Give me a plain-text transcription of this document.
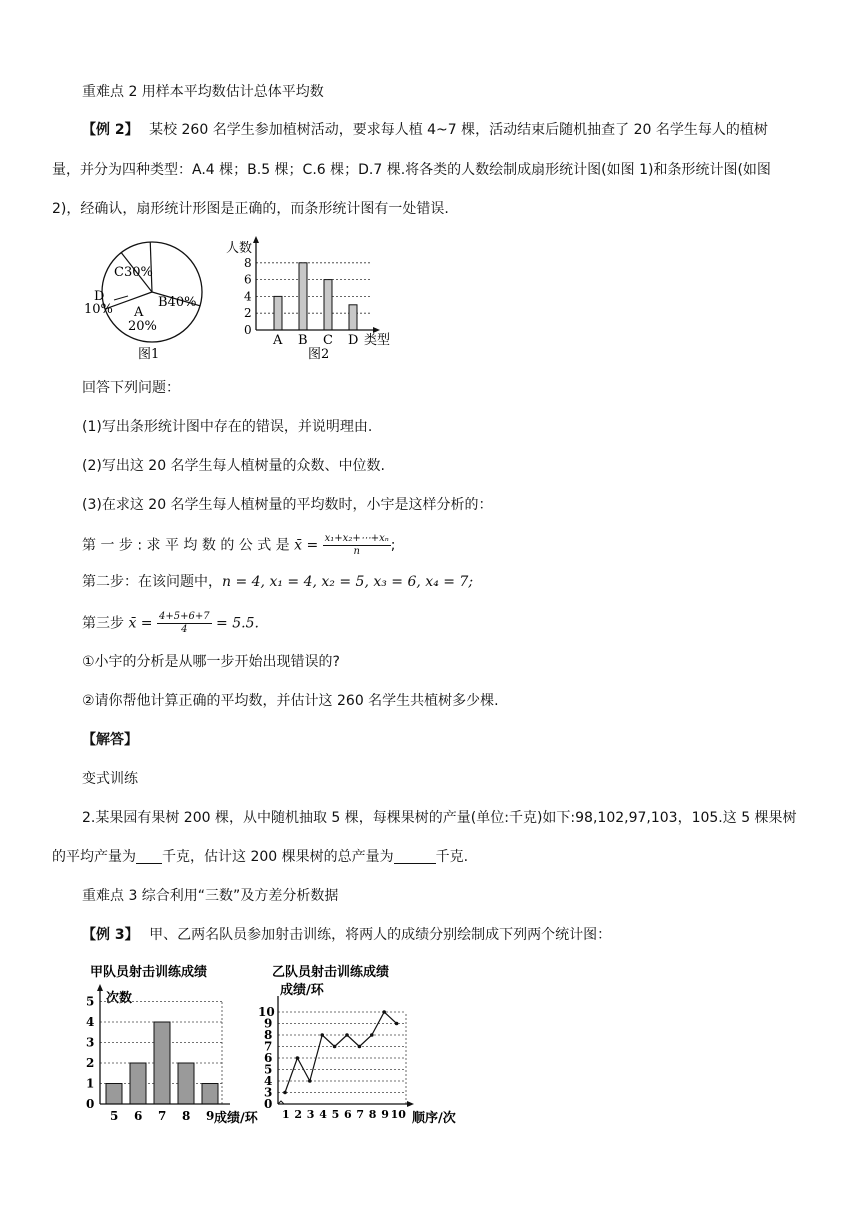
重难点 2 用样本平均数估计总体平均数
【例 2】 某校 260 名学生参加植树活动，要求每人植 4~7 棵，活动结束后随机抽查了 20 名学生每人的植树
量，并分为四种类型：A.4 棵；B.5 棵；C.6 棵；D.7 棵.将各类的人数绘制成扇形统计图(如图 1)和条形统计图(如图
2)，经确认，扇形统计形图是正确的，而条形统计图有一处错误.
C30%
B40%
A
20%
D
10%
图1
0
2
4
6
8
A B C D
人数
类型
图2
回答下列问题：
(1)写出条形统计图中存在的错误，并说明理由.
(2)写出这 20 名学生每人植树量的众数、中位数.
(3)在求这 20 名学生每人植树量的平均数时，小宇是这样分析的：
第 一 步 : 求 平 均 数 的 公 式 是 x̄ = $\frac{\text{x₁+x₂+⋯+xₙ}}{n}$ ;
第二步：在该问题中，n = 4, x₁ = 4, x₂ = 5, x₃ = 6, x₄ = 7;
第三步 x̄ = $\frac{4+5+6+7}{4} = 5.5$.
①小宇的分析是从哪一步开始出现错误的?
②请你帮他计算正确的平均数，并估计这 260 名学生共植树多少棵.
【解答】
变式训练
2.某果园有果树 200 棵，从中随机抽取 5 棵，每棵果树的产量(单位:千克)如下:98,102,97,103，105.这 5 棵果树
的平均产量为 千克，估计这 200 棵果树的总产量为	千克.
重难点 3 综合利用“三数”及方差分析数据
【例 3】 甲、乙两名队员参加射击训练，将两人的成绩分别绘制成下列两个统计图：
甲队员射击训练成绩
次数
0
1
2
3
4
5
5 6 7 8 9 成绩/环
乙队员射击训练成绩
成绩/环
0
3
4
5
6
7
8
9
10
1 2 3 4 5 6 7 8 9 10 顺序/次
